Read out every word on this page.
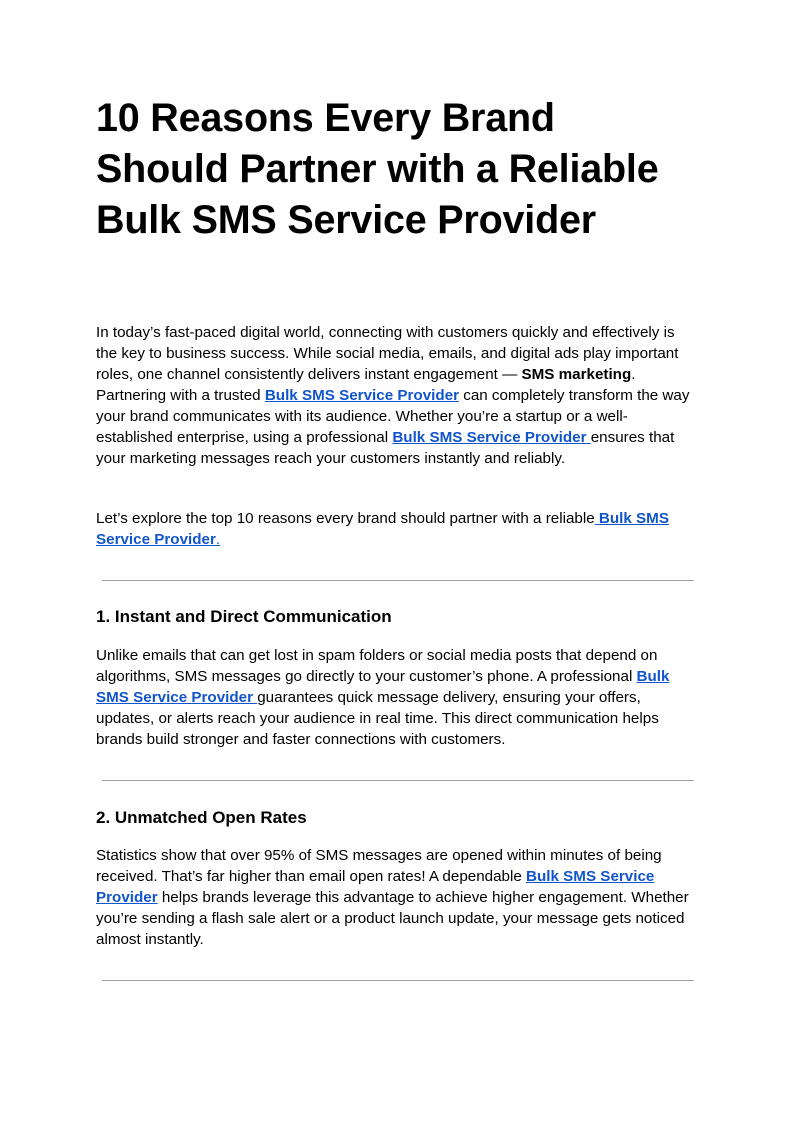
10 Reasons Every Brand
Should Partner with a Reliable
Bulk SMS Service Provider

In today’s fast-paced digital world, connecting with customers quickly and effectively is the key to business success. While social media, emails, and digital ads play important roles, one channel consistently delivers instant engagement — SMS marketing. Partnering with a trusted Bulk SMS Service Provider can completely transform the way your brand communicates with its audience. Whether you’re a startup or a well-established enterprise, using a professional Bulk SMS Service Provider ensures that your marketing messages reach your customers instantly and reliably.

Let’s explore the top 10 reasons every brand should partner with a reliable Bulk SMS Service Provider.

1. Instant and Direct Communication

Unlike emails that can get lost in spam folders or social media posts that depend on algorithms, SMS messages go directly to your customer’s phone. A professional Bulk SMS Service Provider guarantees quick message delivery, ensuring your offers, updates, or alerts reach your audience in real time. This direct communication helps brands build stronger and faster connections with customers.

2. Unmatched Open Rates

Statistics show that over 95% of SMS messages are opened within minutes of being received. That’s far higher than email open rates! A dependable Bulk SMS Service Provider helps brands leverage this advantage to achieve higher engagement. Whether you’re sending a flash sale alert or a product launch update, your message gets noticed almost instantly.
